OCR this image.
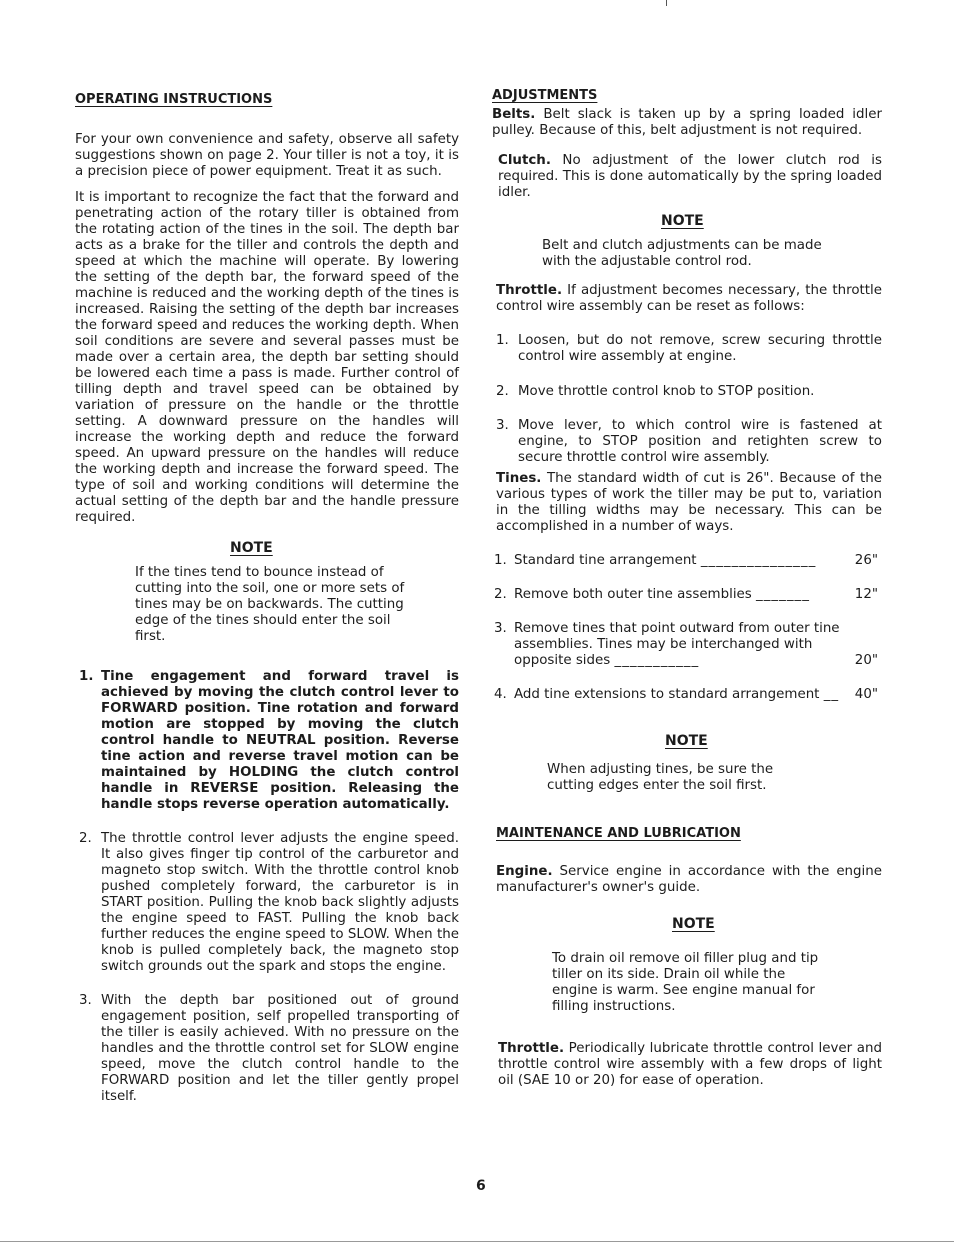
OPERATING INSTRUCTIONS

For your own convenience and safety, observe all safety suggestions shown on page 2. Your tiller is not a toy, it is a precision piece of power equipment. Treat it as such.

It is important to recognize the fact that the forward and penetrating action of the rotary tiller is obtained from the rotating action of the tines in the soil. The depth bar acts as a brake for the tiller and controls the depth and speed at which the machine will operate. By lowering the setting of the depth bar, the forward speed of the machine is reduced and the working depth of the tines is increased. Raising the setting of the depth bar increases the forward speed and reduces the working depth. When soil conditions are severe and several passes must be made over a certain area, the depth bar setting should be lowered each time a pass is made. Further control of tilling depth and travel speed can be obtained by variation of pressure on the handle or the throttle setting. A downward pressure on the handles will increase the working depth and reduce the forward speed. An upward pressure on the handles will reduce the working depth and increase the forward speed. The type of soil and working conditions will determine the actual setting of the depth bar and the handle pressure required.

NOTE

If the tines tend to bounce instead of cutting into the soil, one or more sets of tines may be on backwards. The cutting edge of the tines should enter the soil first.

1. Tine engagement and forward travel is achieved by moving the clutch control lever to FORWARD position. Tine rotation and forward motion are stopped by moving the clutch control handle to NEUTRAL position. Reverse tine action and reverse travel motion can be maintained by HOLDING the clutch control handle in REVERSE position. Releasing the handle stops reverse operation automatically.
2. The throttle control lever adjusts the engine speed. It also gives finger tip control of the carburetor and magneto stop switch. With the throttle control knob pushed completely forward, the carburetor is in START position. Pulling the knob back slightly adjusts the engine speed to FAST. Pulling the knob back further reduces the engine speed to SLOW. When the knob is pulled completely back, the magneto stop switch grounds out the spark and stops the engine.
3. With the depth bar positioned out of ground engagement position, self propelled transporting of the tiller is easily achieved. With no pressure on the handles and the throttle control set for SLOW engine speed, move the clutch control handle to the FORWARD position and let the tiller gently propel itself.
ADJUSTMENTS

Belts. Belt slack is taken up by a spring loaded idler pulley. Because of this, belt adjustment is not required.

Clutch. No adjustment of the lower clutch rod is required. This is done automatically by the spring loaded idler.

NOTE

Belt and clutch adjustments can be made with the adjustable control rod.

Throttle. If adjustment becomes necessary, the throttle control wire assembly can be reset as follows:

1. Loosen, but do not remove, screw securing throttle control wire assembly at engine.
2. Move throttle control knob to STOP position.
3. Move lever, to which control wire is fastened at engine, to STOP position and retighten screw to secure throttle control wire assembly.

Tines. The standard width of cut is 26". Because of the various types of work the tiller may be put to, variation in the tilling widths may be necessary. This can be accomplished in a number of ways.

1. Standard tine arrangement _______________	26"
2. Remove both outer tine assemblies _______	12"
3. Remove tines that point outward from outer tine assemblies. Tines may be interchanged with opposite sides ___________	20"
4. Add tine extensions to standard arrangement __ 40"
NOTE

When adjusting tines, be sure the cutting edges enter the soil first.

MAINTENANCE AND LUBRICATION

Engine. Service engine in accordance with the engine manufacturer's owner's guide.

NOTE

To drain oil remove oil filler plug and tip tiller on its side. Drain oil while the engine is warm. See engine manual for filling instructions.

Throttle. Periodically lubricate throttle control lever and throttle control wire assembly with a few drops of light oil (SAE 10 or 20) for ease of operation.

6
